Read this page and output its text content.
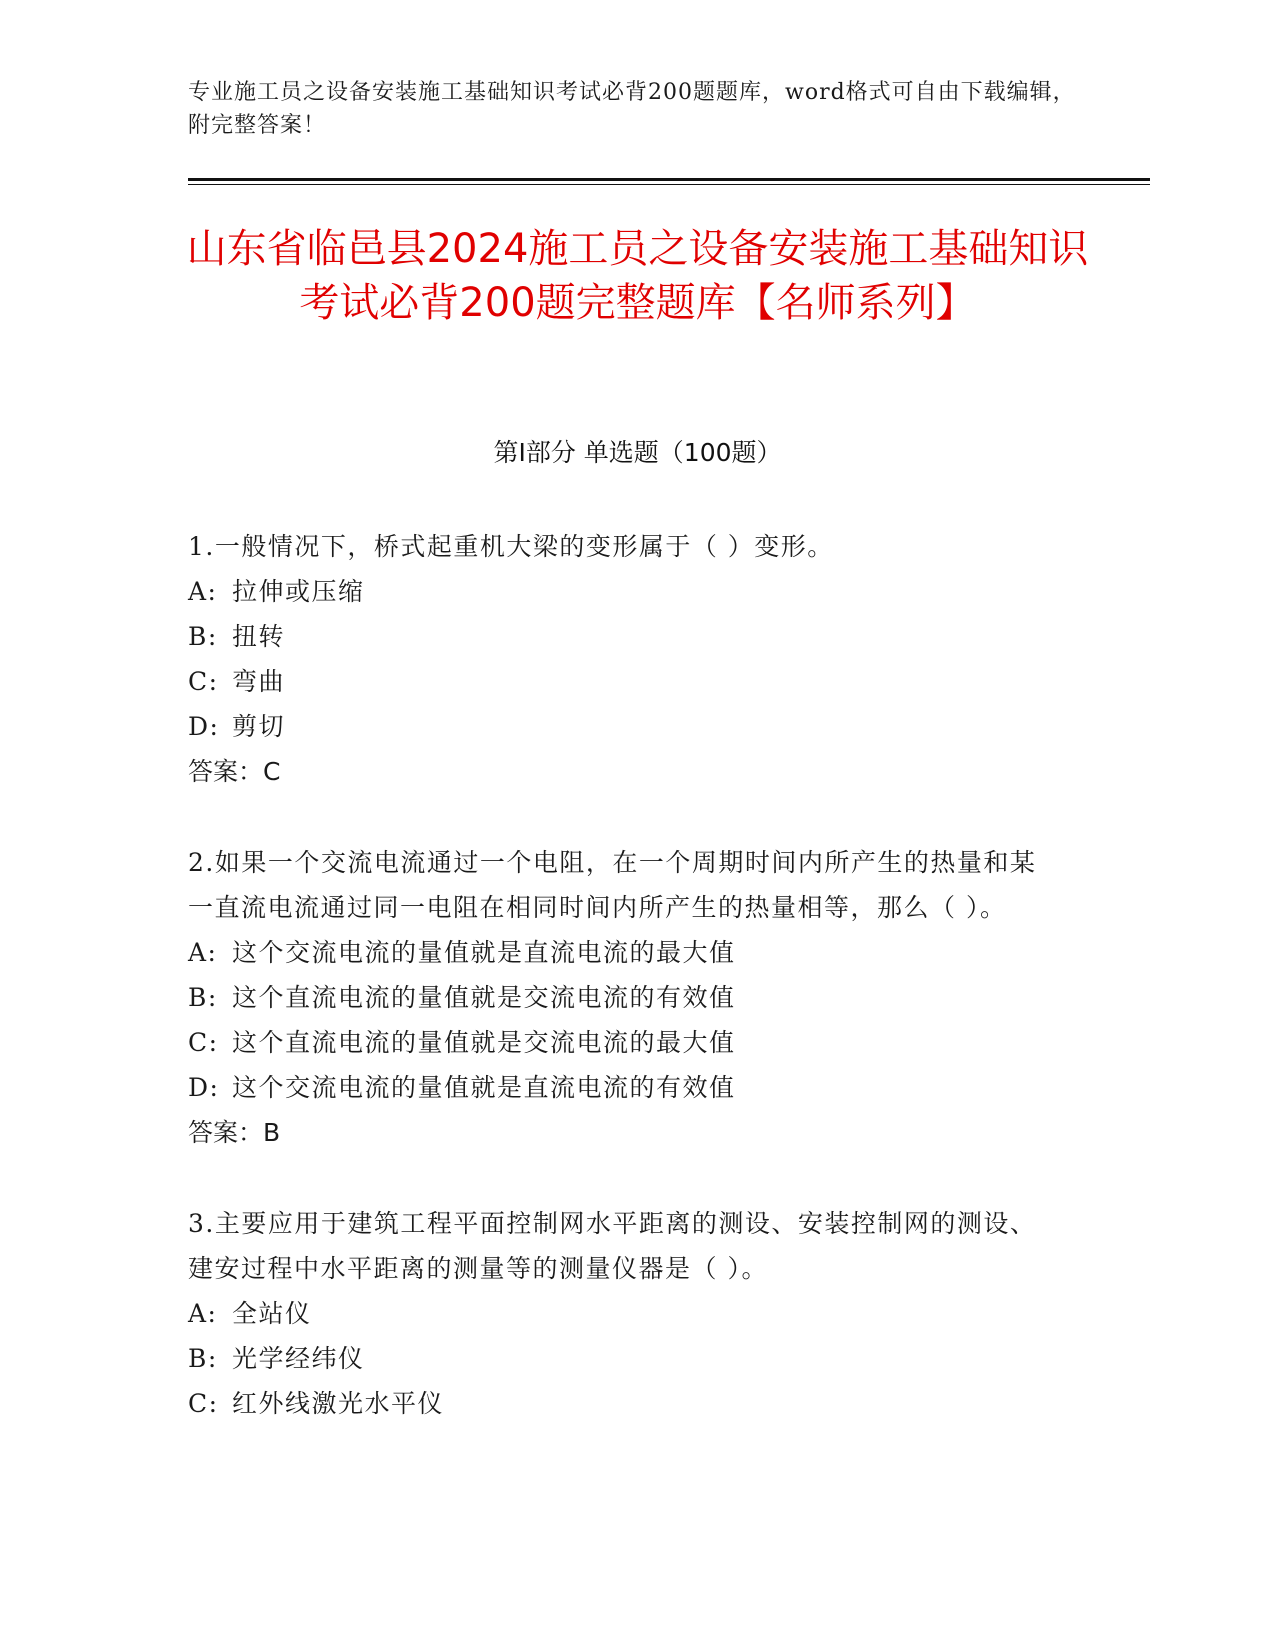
专业施工员之设备安装施工基础知识考试必背200题题库，word格式可自由下载编辑，附完整答案！
山东省临邑县2024施工员之设备安装施工基础知识考试必背200题完整题库【名师系列】
第I部分 单选题（100题）
1.一般情况下，桥式起重机大梁的变形属于（ ）变形。
A: 拉伸或压缩
B: 扭转
C: 弯曲
D: 剪切
答案：C
2.如果一个交流电流通过一个电阻，在一个周期时间内所产生的热量和某一直流电流通过同一电阻在相同时间内所产生的热量相等，那么（ ）。
A: 这个交流电流的量值就是直流电流的最大值
B: 这个直流电流的量值就是交流电流的有效值
C: 这个直流电流的量值就是交流电流的最大值
D: 这个交流电流的量值就是直流电流的有效值
答案：B
3.主要应用于建筑工程平面控制网水平距离的测设、安装控制网的测设、建安过程中水平距离的测量等的测量仪器是（ ）。
A: 全站仪
B: 光学经纬仪
C: 红外线激光水平仪
